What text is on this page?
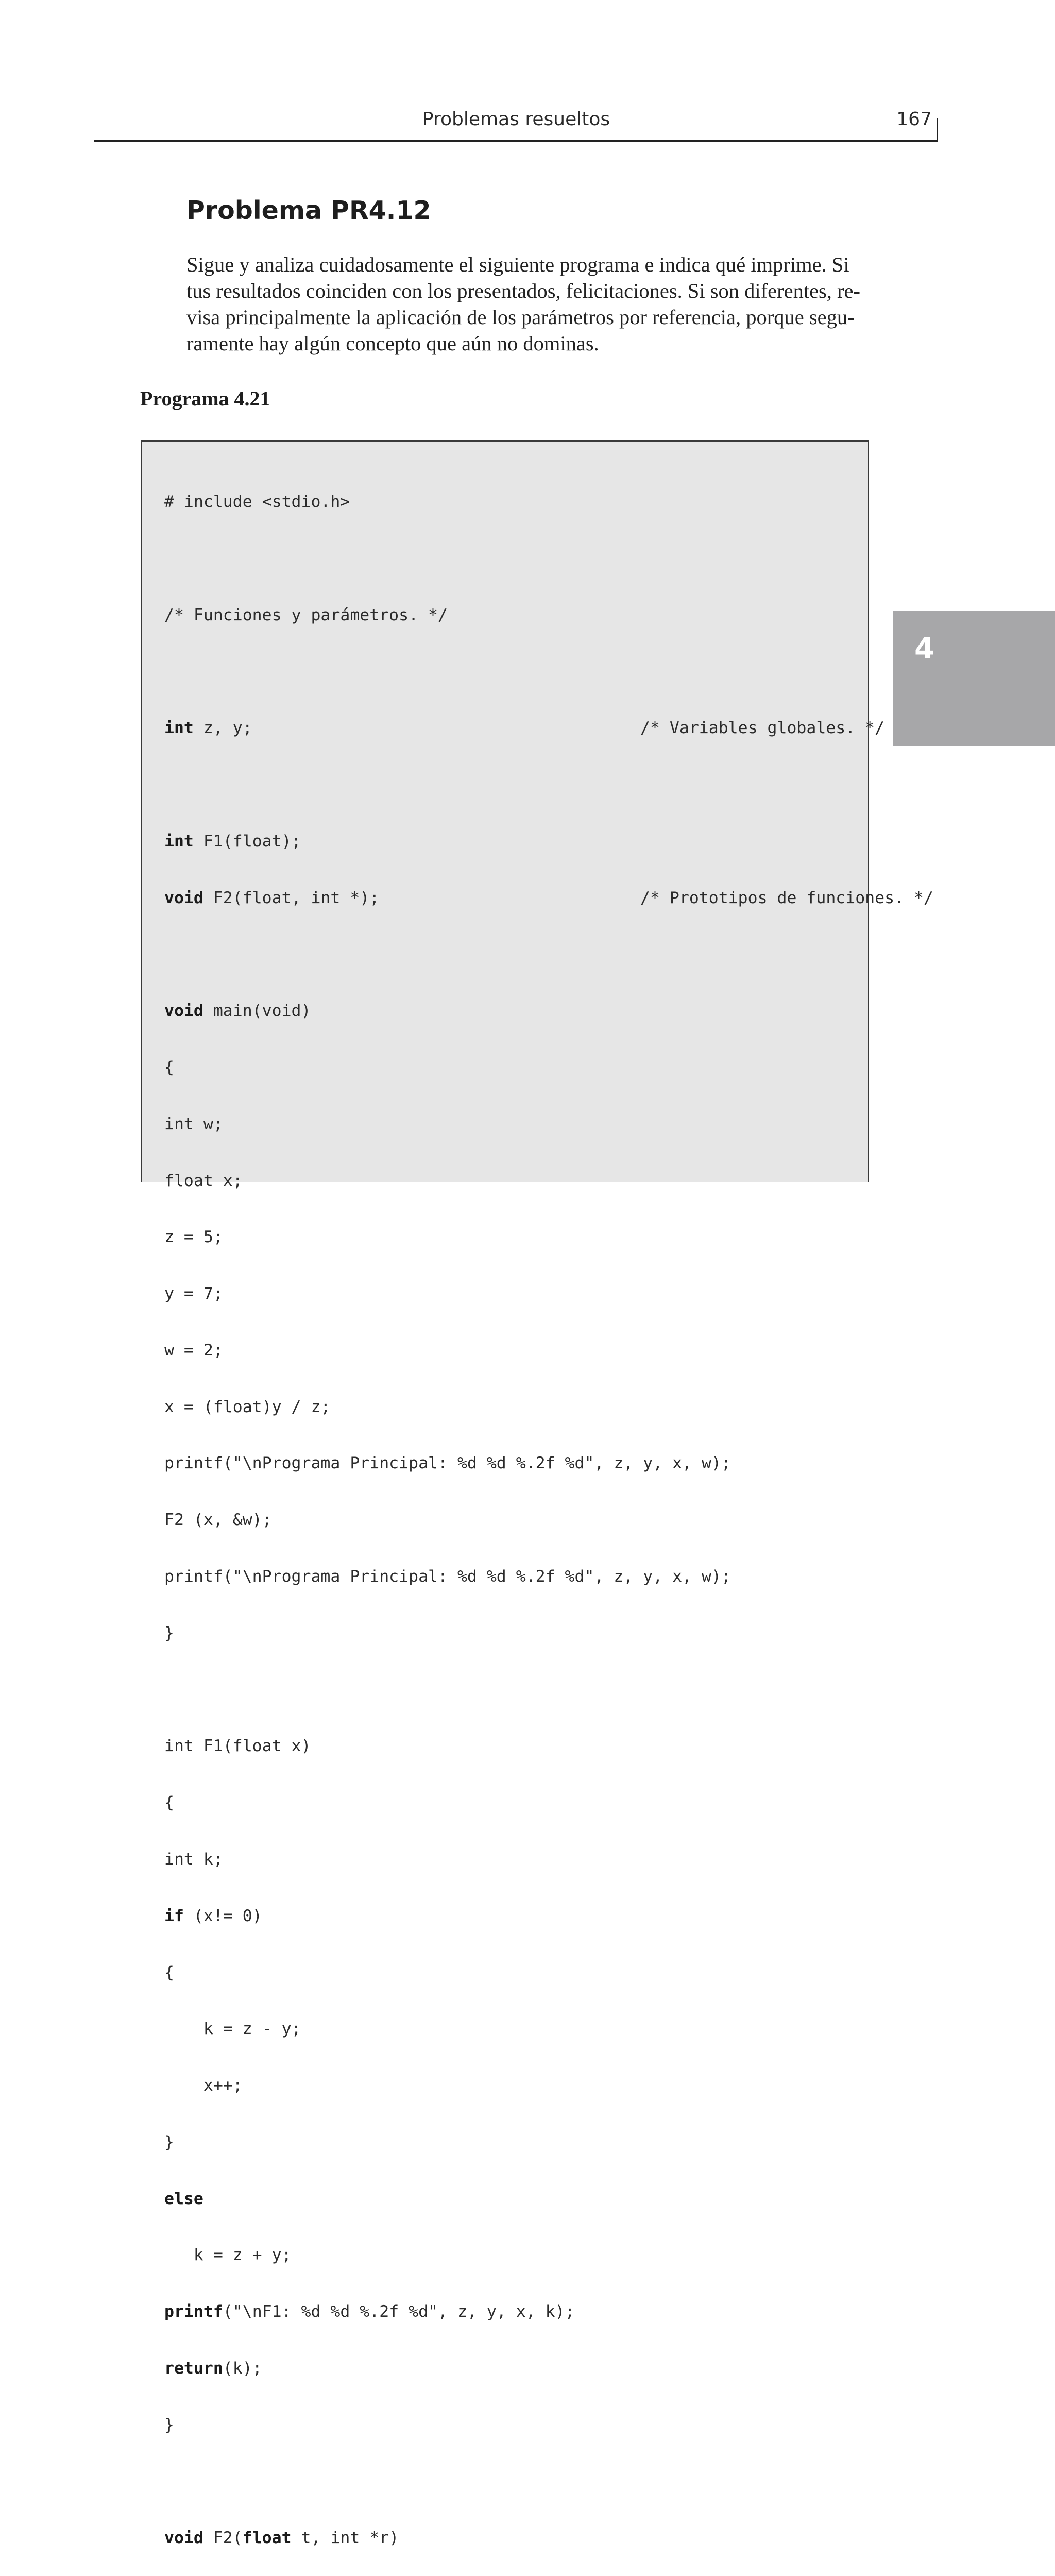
Problemas resueltos	167
Problema PR4.12

Sigue y analiza cuidadosamente el siguiente programa e indica qué imprime. Si
tus resultados coinciden con los presentados, felicitaciones. Si son diferentes, re-
visa principalmente la aplicación de los parámetros por referencia, porque segu-
ramente hay algún concepto que aún no dominas.

Programa 4.21

# include <stdio.h>

/* Funciones y parámetros. */

int z, y;	/* Variables globales. */

int F1(float);

void F2(float, int *);	/* Prototipos de funciones. */

void main(void)

{

int w;

float x;

z = 5;

y = 7;

w = 2;

x = (float)y / z;

printf("\nPrograma Principal: %d %d %.2f %d", z, y, x, w);

F2 (x, &w);

printf("\nPrograma Principal: %d %d %.2f %d", z, y, x, w);

}

int F1(float x)

{

int k;

if (x!= 0)

{

k = z - y;

x++;

}

else

k = z + y;

printf("\nF1: %d %d %.2f %d", z, y, x, k);

return(k);

}

void F2(float t, int *r)

4
